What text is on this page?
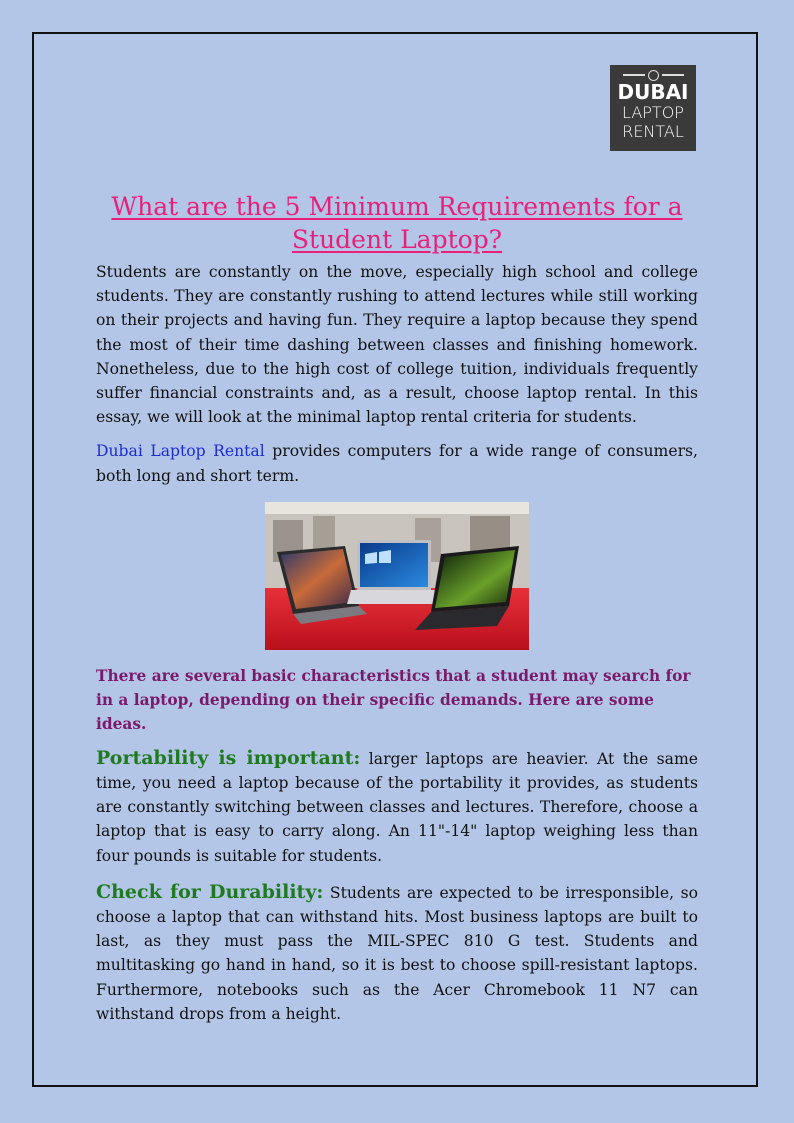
DUBAI
LAPTOP
RENTAL
What are the 5 Minimum Requirements for a
Student Laptop?

Students are constantly on the move, especially high school and college students. They are constantly rushing to attend lectures while still working on their projects and having fun. They require a laptop because they spend the most of their time dashing between classes and finishing homework. Nonetheless, due to the high cost of college tuition, individuals frequently suffer financial constraints and, as a result, choose laptop rental. In this essay, we will look at the minimal laptop rental criteria for students.

Dubai Laptop Rental provides computers for a wide range of consumers, both long and short term.

There are several basic characteristics that a student may search for in a laptop, depending on their specific demands. Here are some ideas.

Portability is important: larger laptops are heavier. At the same time, you need a laptop because of the portability it provides, as students are constantly switching between classes and lectures. Therefore, choose a laptop that is easy to carry along. An 11"-14" laptop weighing less than four pounds is suitable for students.

Check for Durability: Students are expected to be irresponsible, so choose a laptop that can withstand hits. Most business laptops are built to last, as they must pass the MIL-SPEC 810 G test. Students and multitasking go hand in hand, so it is best to choose spill-resistant laptops. Furthermore, notebooks such as the Acer Chromebook 11 N7 can withstand drops from a height.
